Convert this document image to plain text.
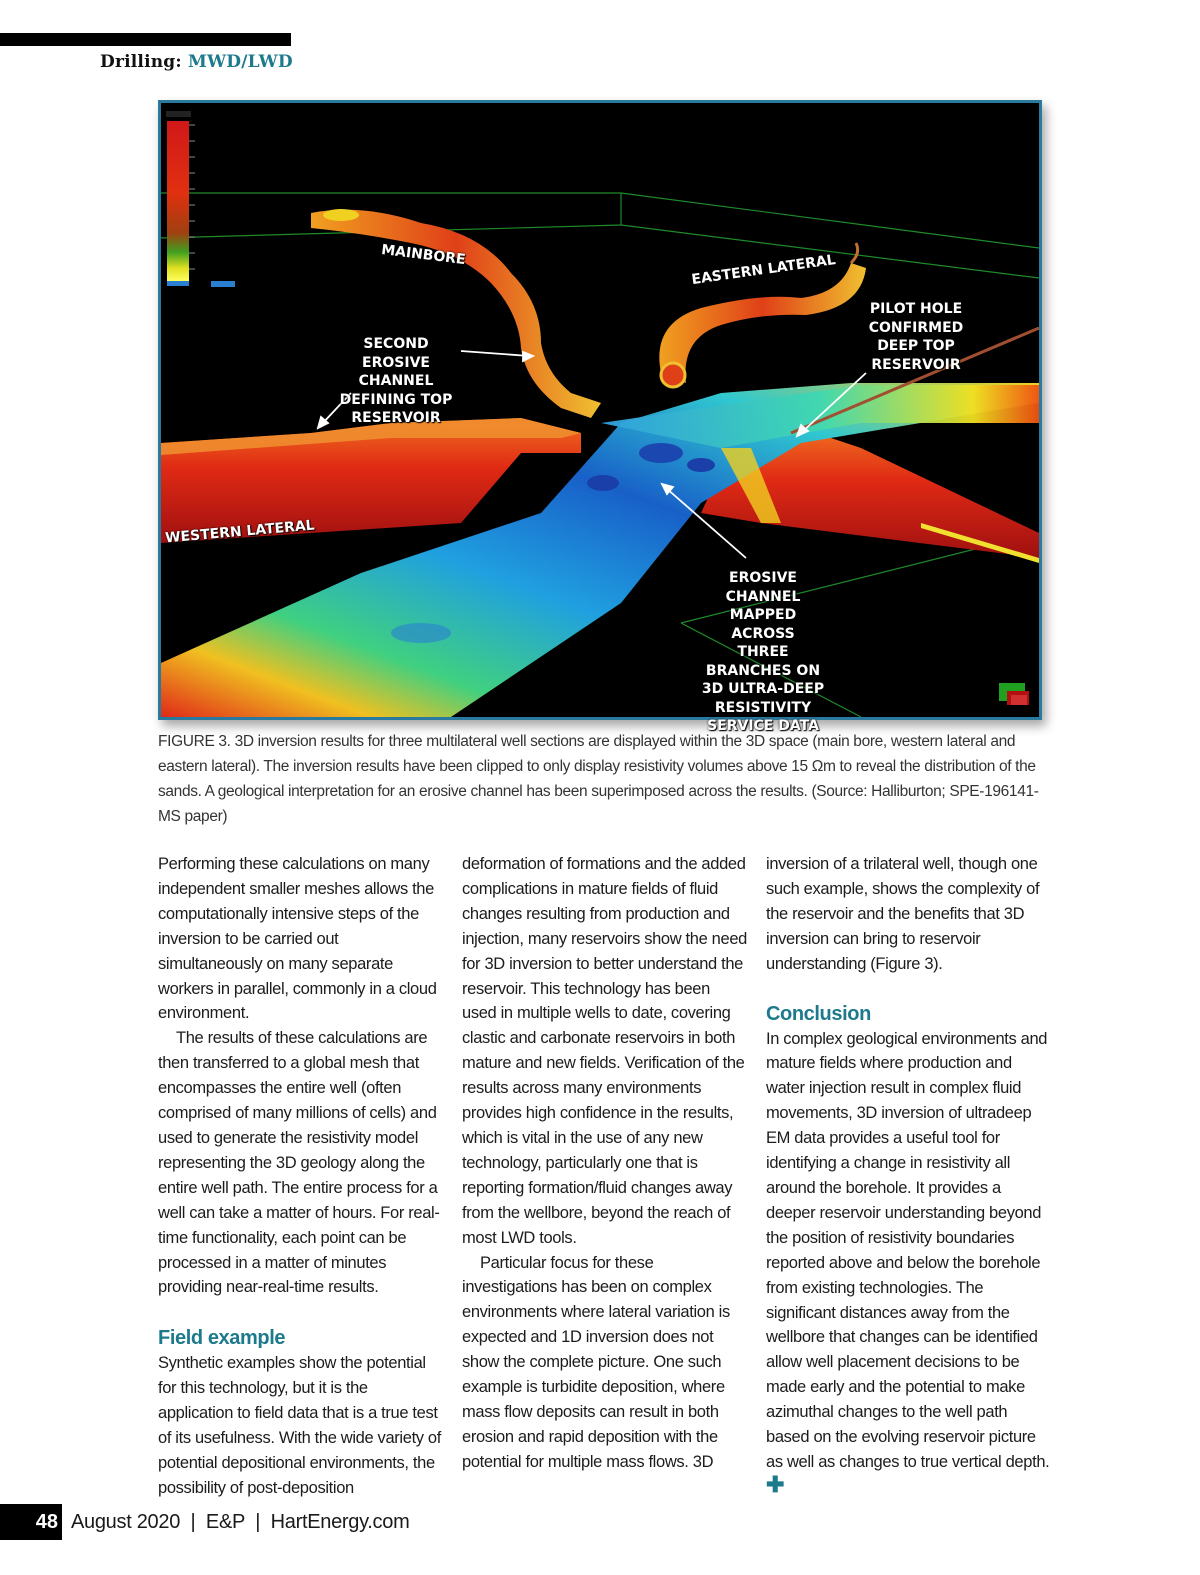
Drilling: MWD/LWD
MAINBORE	EASTERN LATERAL
PILOT HOLE
CONFIRMED
DEEP TOP
RESERVOIR
SECOND EROSIVE
CHANNEL
DEFINING TOP
RESERVOIR
WESTERN LATERAL
EROSIVE
CHANNEL
MAPPED ACROSS
THREE
BRANCHES ON
3D ULTRA-DEEP
RESISTIVITY
SERVICE DATA
FIGURE 3. 3D inversion results for three multilateral well sections are displayed within the 3D space (main bore, western lateral and eastern lateral). The inversion results have been clipped to only display resistivity volumes above 15 Ωm to reveal the distribution of the sands. A geological interpretation for an erosive channel has been superimposed across the results. (Source: Halliburton; SPE-196141-MS paper)

Performing these calculations on many independent smaller meshes allows the computationally intensive steps of the inversion to be carried out simultaneously on many separate workers in parallel, commonly in a cloud environment.

The results of these calculations are then transferred to a global mesh that encompasses the entire well (often comprised of many millions of cells) and used to generate the resistivity model representing the 3D geology along the entire well path. The entire process for a well can take a matter of hours. For real-time functionality, each point can be processed in a matter of minutes providing near-real-time results.

Field example

Synthetic examples show the potential for this technology, but it is the application to field data that is a true test of its usefulness. With the wide variety of potential depositional environments, the possibility of post-deposition

deformation of formations and the added complications in mature fields of fluid changes resulting from production and injection, many reservoirs show the need for 3D inversion to better understand the reservoir. This technology has been used in multiple wells to date, covering clastic and carbonate reservoirs in both mature and new fields. Verification of the results across many environments provides high confidence in the results, which is vital in the use of any new technology, particularly one that is reporting formation/fluid changes away from the wellbore, beyond the reach of most LWD tools.

Particular focus for these investigations has been on complex environments where lateral variation is expected and 1D inversion does not show the complete picture. One such example is turbidite deposition, where mass flow deposits can result in both erosion and rapid deposition with the potential for multiple mass flows. 3D

inversion of a trilateral well, though one such example, shows the complexity of the reservoir and the benefits that 3D inversion can bring to reservoir understanding (Figure 3).

Conclusion

In complex geological environments and mature fields where production and water injection result in complex fluid movements, 3D inversion of ultradeep EM data provides a useful tool for identifying a change in resistivity all around the borehole. It provides a deeper reservoir understanding beyond the position of resistivity boundaries reported above and below the borehole from existing technologies. The significant distances away from the wellbore that changes can be identified allow well placement decisions to be made early and the potential to make azimuthal changes to the well path based on the evolving reservoir picture as well as changes to true vertical depth. ✚

48 August 2020  |  E&P  |  HartEnergy.com
